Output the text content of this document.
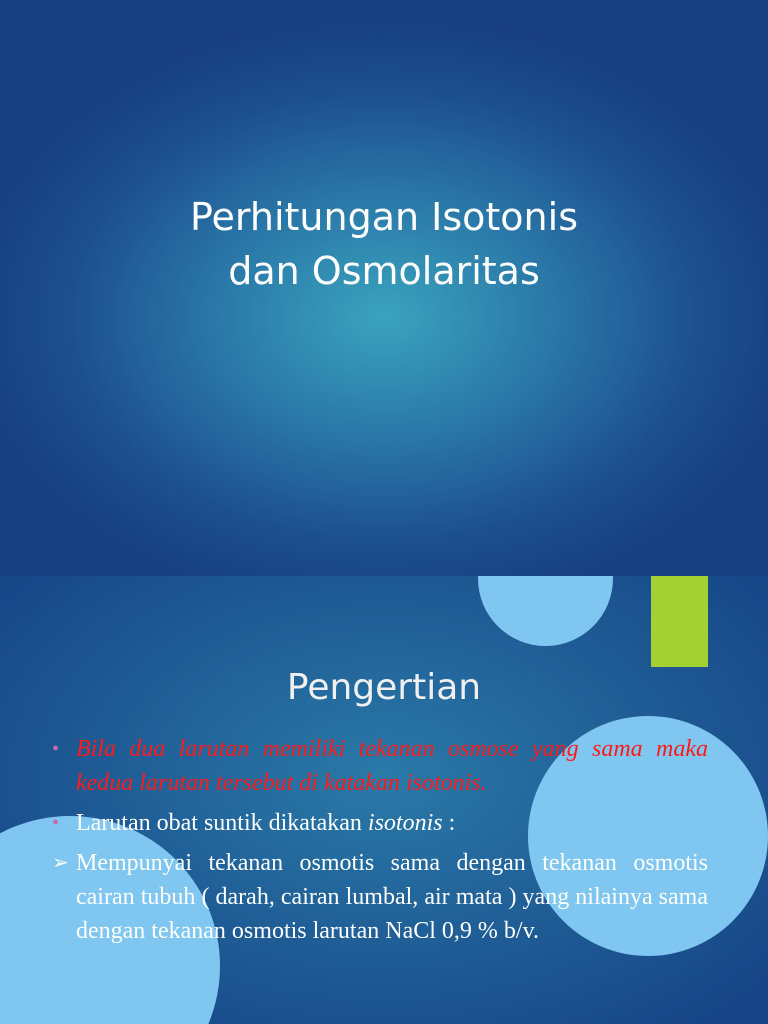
Perhitungan Isotonis
dan Osmolaritas
Pengertian
• Bila dua larutan memiliki tekanan osmose yang sama maka kedua larutan tersebut di katakan isotonis.
• Larutan obat suntik dikatakan isotonis :
➢ Mempunyai tekanan osmotis sama dengan tekanan osmotis cairan tubuh ( darah, cairan lumbal, air mata ) yang nilainya sama dengan tekanan osmotis larutan NaCl 0,9 % b/v.
